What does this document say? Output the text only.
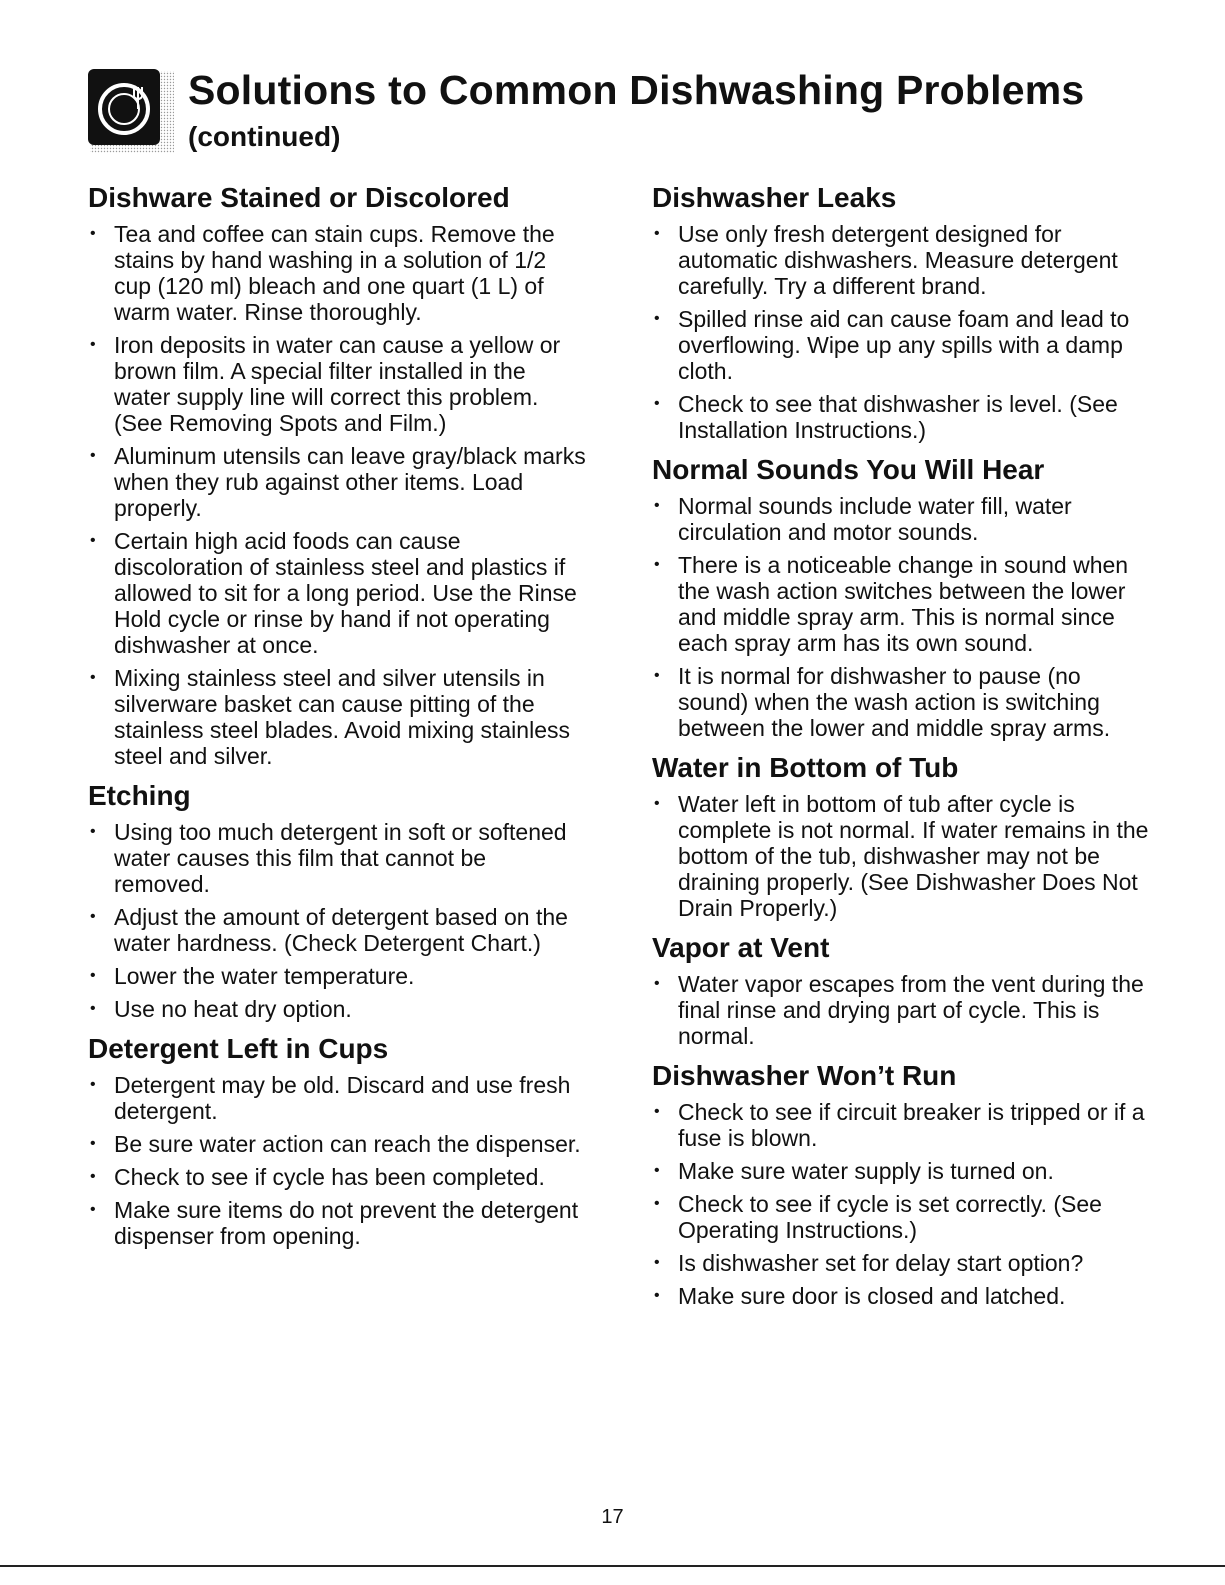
Solutions to Common Dishwashing Problems
(continued)
Dishware Stained or Discolored
• Tea and coffee can stain cups. Remove the stains by hand washing in a solution of 1/2 cup (120 ml) bleach and one quart (1 L) of warm water. Rinse thoroughly.
• Iron deposits in water can cause a yellow or brown film. A special filter installed in the water supply line will correct this problem. (See Removing Spots and Film.)
• Aluminum utensils can leave gray/black marks when they rub against other items. Load properly.
• Certain high acid foods can cause discoloration of stainless steel and plastics if allowed to sit for a long period. Use the Rinse Hold cycle or rinse by hand if not operating dishwasher at once.
• Mixing stainless steel and silver utensils in silverware basket can cause pitting of the stainless steel blades. Avoid mixing stainless steel and silver.
Etching
• Using too much detergent in soft or softened water causes this film that cannot be removed.
• Adjust the amount of detergent based on the water hardness. (Check Detergent Chart.)
• Lower the water temperature.
• Use no heat dry option.
Detergent Left in Cups
• Detergent may be old. Discard and use fresh detergent.
• Be sure water action can reach the dispenser.
• Check to see if cycle has been completed.
• Make sure items do not prevent the detergent dispenser from opening.
Dishwasher Leaks
• Use only fresh detergent designed for automatic dishwashers. Measure detergent carefully. Try a different brand.
• Spilled rinse aid can cause foam and lead to overflowing. Wipe up any spills with a damp cloth.
• Check to see that dishwasher is level. (See Installation Instructions.)
Normal Sounds You Will Hear
• Normal sounds include water fill, water circulation and motor sounds.
• There is a noticeable change in sound when the wash action switches between the lower and middle spray arm. This is normal since each spray arm has its own sound.
• It is normal for dishwasher to pause (no sound) when the wash action is switching between the lower and middle spray arms.
Water in Bottom of Tub
• Water left in bottom of tub after cycle is complete is not normal. If water remains in the bottom of the tub, dishwasher may not be draining properly. (See Dishwasher Does Not Drain Properly.)
Vapor at Vent
• Water vapor escapes from the vent during the final rinse and drying part of cycle. This is normal.
Dishwasher Won’t Run
• Check to see if circuit breaker is tripped or if a fuse is blown.
• Make sure water supply is turned on.
• Check to see if cycle is set correctly. (See Operating Instructions.)
• Is dishwasher set for delay start option?
• Make sure door is closed and latched.
17
